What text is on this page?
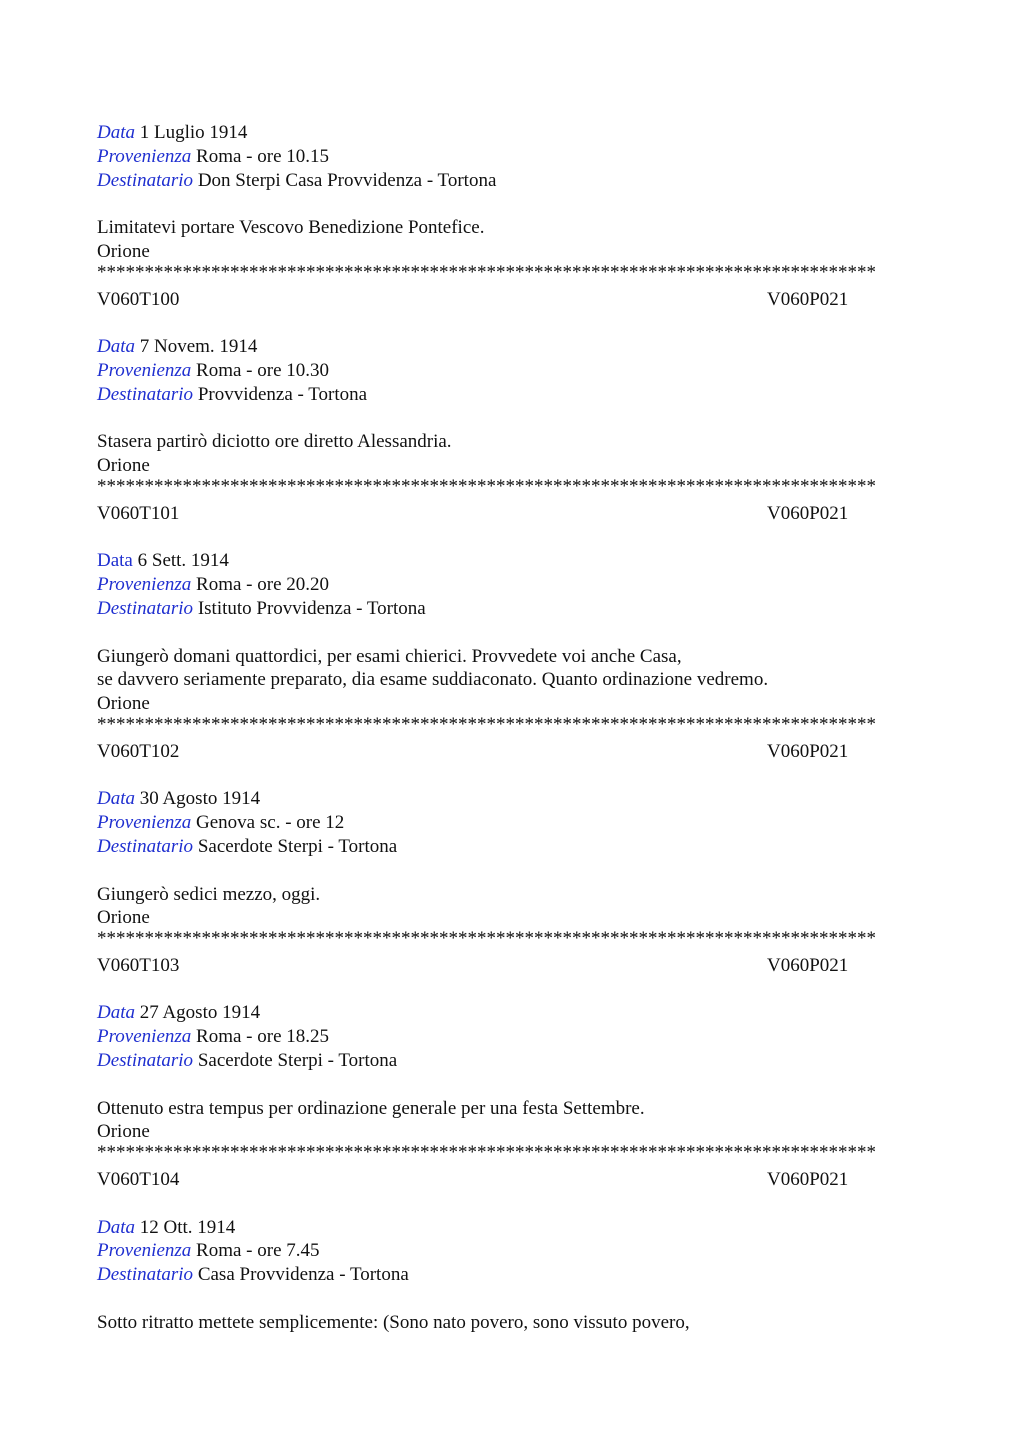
Data 1 Luglio 1914
Provenienza Roma - ore 10.15
Destinatario Don Sterpi Casa Provvidenza - Tortona
Limitatevi portare Vescovo Benedizione Pontefice.
Orione
**********************************************************************************
V060T100	V060P021
Data 7 Novem. 1914
Provenienza Roma - ore 10.30
Destinatario Provvidenza - Tortona
Stasera partirò diciotto ore diretto Alessandria.
Orione
**********************************************************************************
V060T101	V060P021
Data 6 Sett. 1914
Provenienza Roma - ore 20.20
Destinatario Istituto Provvidenza - Tortona
Giungerò domani quattordici, per esami chierici. Provvedete voi anche Casa,
se davvero seriamente preparato, dia esame suddiaconato. Quanto ordinazione vedremo.
Orione
**********************************************************************************
V060T102	V060P021
Data 30 Agosto 1914
Provenienza Genova sc. - ore 12
Destinatario Sacerdote Sterpi - Tortona
Giungerò sedici mezzo, oggi.
Orione
**********************************************************************************
V060T103	V060P021
Data 27 Agosto 1914
Provenienza Roma - ore 18.25
Destinatario Sacerdote Sterpi - Tortona
Ottenuto estra tempus per ordinazione generale per una festa Settembre.
Orione
**********************************************************************************
V060T104	V060P021
Data 12 Ott. 1914
Provenienza Roma - ore 7.45
Destinatario Casa Provvidenza - Tortona
Sotto ritratto mettete semplicemente: (Sono nato povero, sono vissuto povero,
